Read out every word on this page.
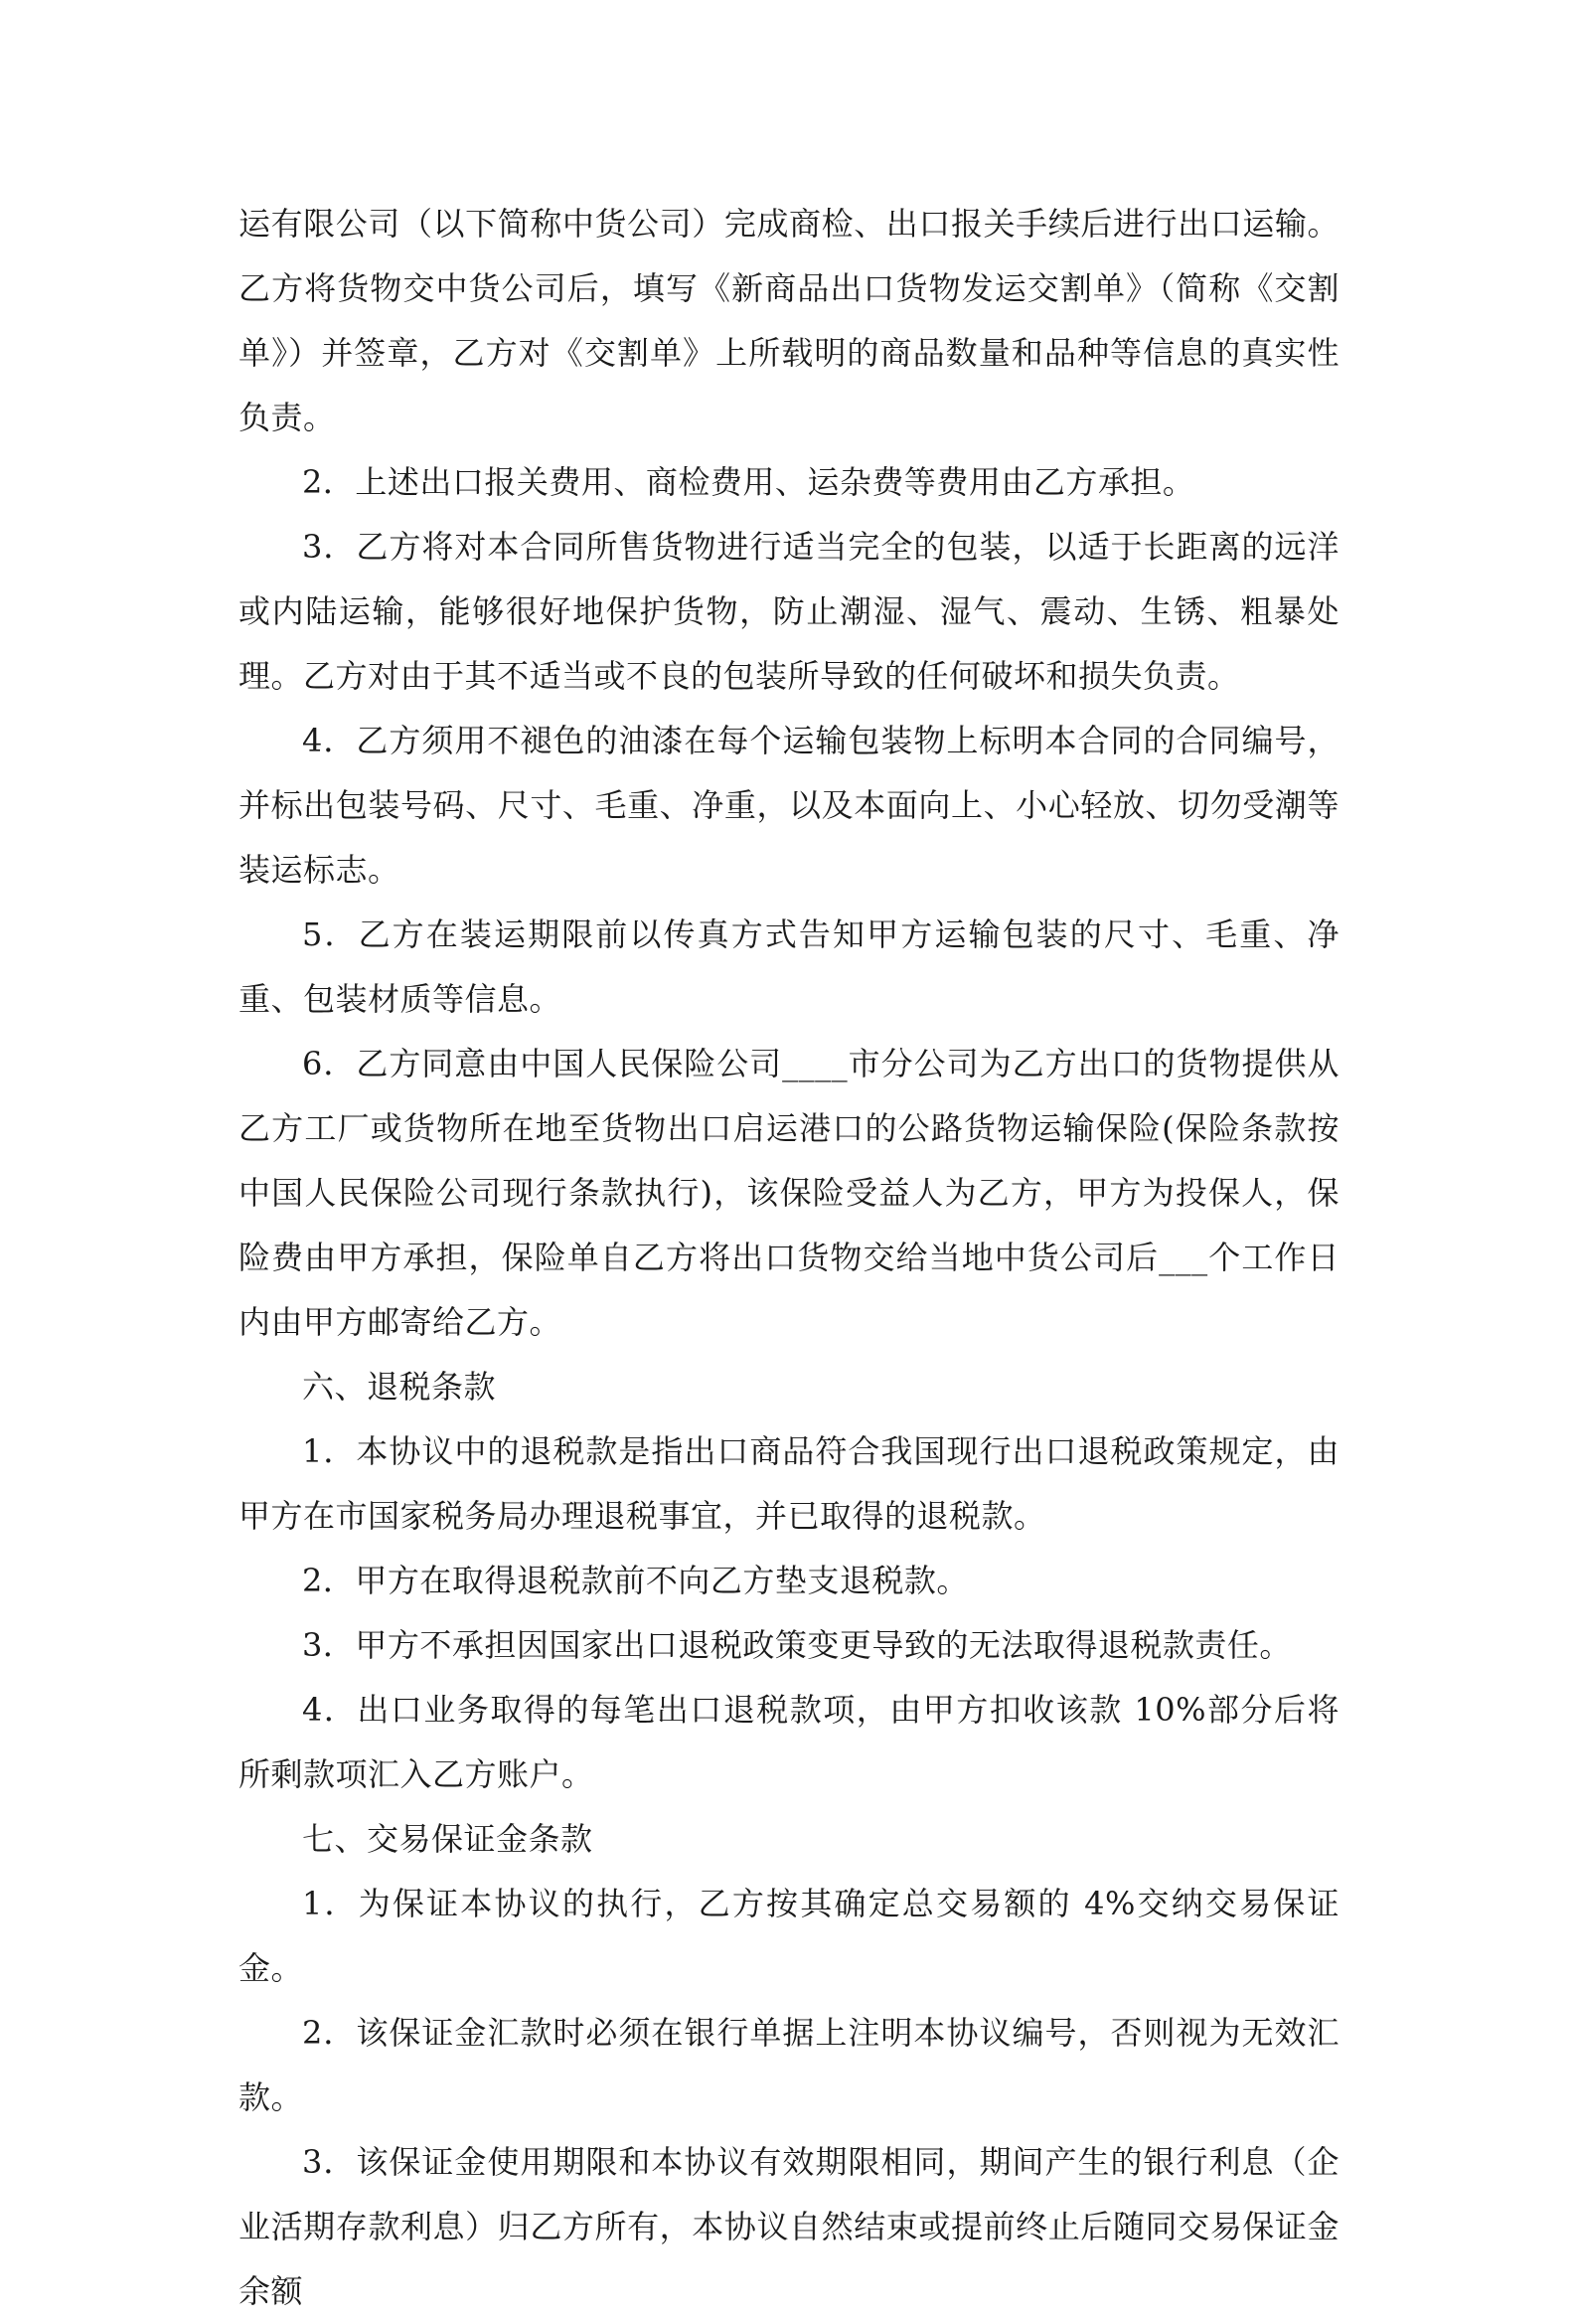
运有限公司（以下简称中货公司）完成商检、出口报关手续后进行出口运输。乙方将货物交中货公司后，填写《新商品出口货物发运交割单》（简称《交割单》）并签章，乙方对《交割单》上所载明的商品数量和品种等信息的真实性负责。

2．上述出口报关费用、商检费用、运杂费等费用由乙方承担。

3．乙方将对本合同所售货物进行适当完全的包装，以适于长距离的远洋或内陆运输，能够很好地保护货物，防止潮湿、湿气、震动、生锈、粗暴处理。乙方对由于其不适当或不良的包装所导致的任何破坏和损失负责。

4．乙方须用不褪色的油漆在每个运输包装物上标明本合同的合同编号，并标出包装号码、尺寸、毛重、净重，以及本面向上、小心轻放、切勿受潮等装运标志。

5．乙方在装运期限前以传真方式告知甲方运输包装的尺寸、毛重、净重、包装材质等信息。

6．乙方同意由中国人民保险公司____市分公司为乙方出口的货物提供从乙方工厂或货物所在地至货物出口启运港口的公路货物运输保险(保险条款按中国人民保险公司现行条款执行)，该保险受益人为乙方，甲方为投保人，保险费由甲方承担，保险单自乙方将出口货物交给当地中货公司后___个工作日内由甲方邮寄给乙方。

六、退税条款

1．本协议中的退税款是指出口商品符合我国现行出口退税政策规定，由甲方在市国家税务局办理退税事宜，并已取得的退税款。

2．甲方在取得退税款前不向乙方垫支退税款。

3．甲方不承担因国家出口退税政策变更导致的无法取得退税款责任。

4．出口业务取得的每笔出口退税款项，由甲方扣收该款 10%部分后将所剩款项汇入乙方账户。

七、交易保证金条款

1．为保证本协议的执行，乙方按其确定总交易额的 4%交纳交易保证金。

2．该保证金汇款时必须在银行单据上注明本协议编号，否则视为无效汇款。

3．该保证金使用期限和本协议有效期限相同，期间产生的银行利息（企业活期存款利息）归乙方所有，本协议自然结束或提前终止后随同交易保证金余额
